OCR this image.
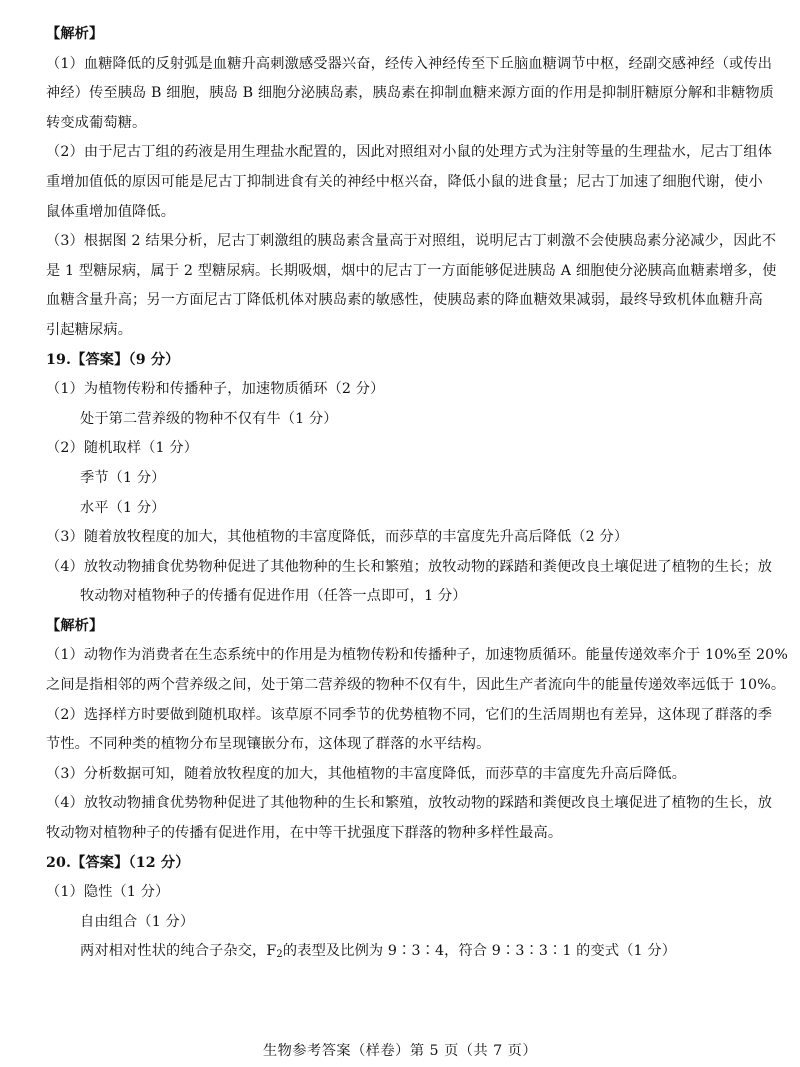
【解析】
（1）血糖降低的反射弧是血糖升高刺激感受器兴奋，经传入神经传至下丘脑血糖调节中枢，经副交感神经（或传出
神经）传至胰岛 B 细胞，胰岛 B 细胞分泌胰岛素，胰岛素在抑制血糖来源方面的作用是抑制肝糖原分解和非糖物质
转变成葡萄糖。
（2）由于尼古丁组的药液是用生理盐水配置的，因此对照组对小鼠的处理方式为注射等量的生理盐水，尼古丁组体
重增加值低的原因可能是尼古丁抑制进食有关的神经中枢兴奋，降低小鼠的进食量；尼古丁加速了细胞代谢，使小
鼠体重增加值降低。
（3）根据图 2 结果分析，尼古丁刺激组的胰岛素含量高于对照组，说明尼古丁刺激不会使胰岛素分泌减少，因此不
是 1 型糖尿病，属于 2 型糖尿病。长期吸烟，烟中的尼古丁一方面能够促进胰岛 A 细胞使分泌胰高血糖素增多，使
血糖含量升高；另一方面尼古丁降低机体对胰岛素的敏感性，使胰岛素的降血糖效果减弱，最终导致机体血糖升高
引起糖尿病。
19.【答案】（9 分）
（1）为植物传粉和传播种子，加速物质循环（2 分）
处于第二营养级的物种不仅有牛（1 分）
（2）随机取样（1 分）
季节（1 分）
水平（1 分）
（3）随着放牧程度的加大，其他植物的丰富度降低，而莎草的丰富度先升高后降低（2 分）
（4）放牧动物捕食优势物种促进了其他物种的生长和繁殖；放牧动物的踩踏和粪便改良土壤促进了植物的生长；放
牧动物对植物种子的传播有促进作用（任答一点即可，1 分）
【解析】
（1）动物作为消费者在生态系统中的作用是为植物传粉和传播种子，加速物质循环。能量传递效率介于 10%至 20%
之间是指相邻的两个营养级之间，处于第二营养级的物种不仅有牛，因此生产者流向牛的能量传递效率远低于 10%。
（2）选择样方时要做到随机取样。该草原不同季节的优势植物不同，它们的生活周期也有差异，这体现了群落的季
节性。不同种类的植物分布呈现镶嵌分布，这体现了群落的水平结构。
（3）分析数据可知，随着放牧程度的加大，其他植物的丰富度降低，而莎草的丰富度先升高后降低。
（4）放牧动物捕食优势物种促进了其他物种的生长和繁殖，放牧动物的踩踏和粪便改良土壤促进了植物的生长，放
牧动物对植物种子的传播有促进作用，在中等干扰强度下群落的物种多样性最高。
20.【答案】（12 分）
（1）隐性（1 分）
自由组合（1 分）
两对相对性状的纯合子杂交，$F_2$的表型及比例为 9∶3∶4，符合 9∶3∶3∶1 的变式（1 分）
生物参考答案（样卷）第 5 页（共 7 页）
